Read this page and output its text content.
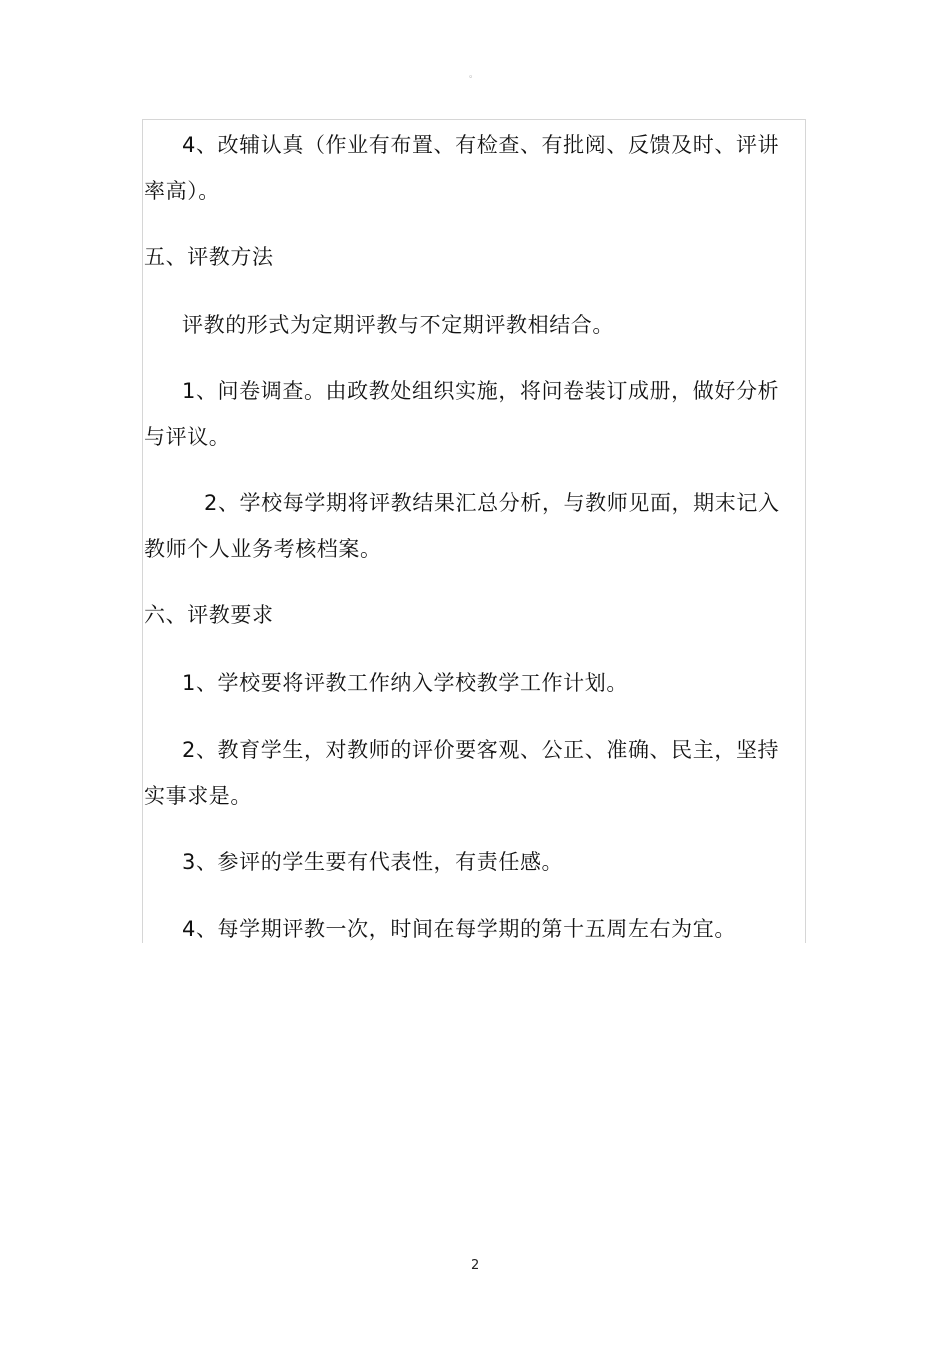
。
4、改辅认真（作业有布置、有检查、有批阅、反馈及时、评讲
率高）。
五、评教方法
评教的形式为定期评教与不定期评教相结合。
1、问卷调查。由政教处组织实施，将问卷装订成册，做好分析
与评议。
2、学校每学期将评教结果汇总分析，与教师见面，期末记入
教师个人业务考核档案。
六、评教要求
1、学校要将评教工作纳入学校教学工作计划。
2、教育学生，对教师的评价要客观、公正、准确、民主，坚持
实事求是。
3、参评的学生要有代表性，有责任感。
4、每学期评教一次，时间在每学期的第十五周左右为宜。
2
